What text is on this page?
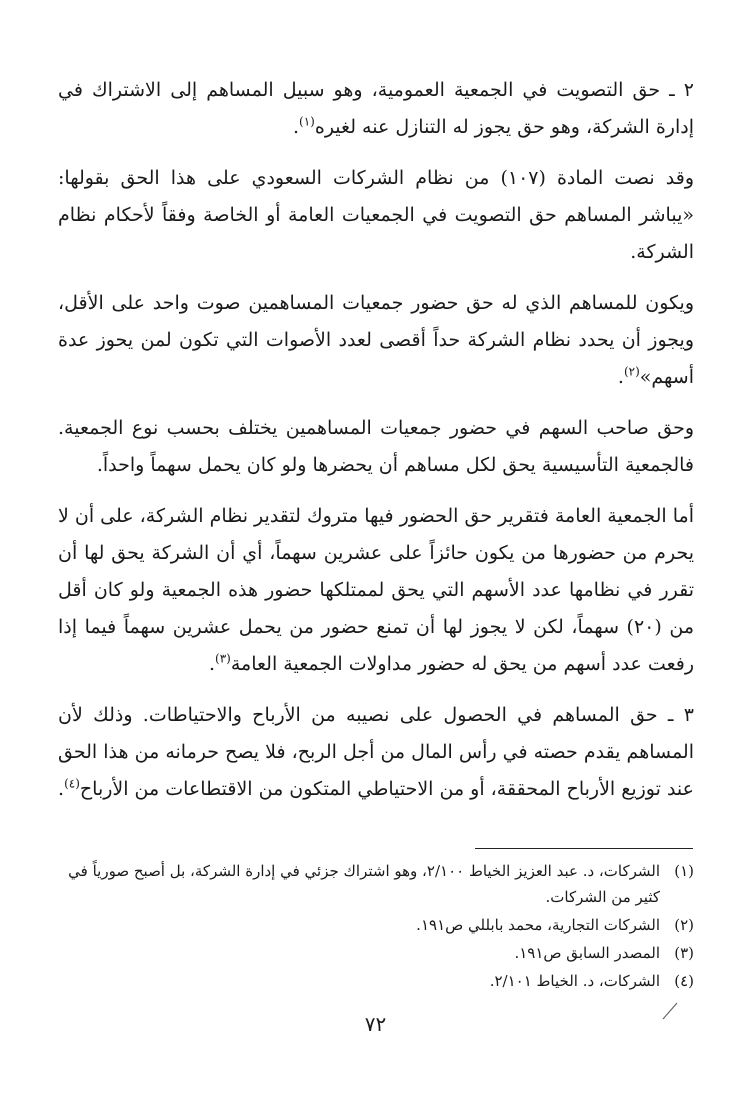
٢ ـ حق التصويت في الجمعية العمومية، وهو سبيل المساهم إلى الاشتراك في إدارة الشركة، وهو حق يجوز له التنازل عنه لغيره$^{(١)}$.

وقد نصت المادة (١٠٧) من نظام الشركات السعودي على هذا الحق بقولها: «يباشر المساهم حق التصويت في الجمعيات العامة أو الخاصة وفقاً لأحكام نظام الشركة.

ويكون للمساهم الذي له حق حضور جمعيات المساهمين صوت واحد على الأقل، ويجوز أن يحدد نظام الشركة حداً أقصى لعدد الأصوات التي تكون لمن يحوز عدة أسهم»$^{(٢)}$.

وحق صاحب السهم في حضور جمعيات المساهمين يختلف بحسب نوع الجمعية. فالجمعية التأسيسية يحق لكل مساهم أن يحضرها ولو كان يحمل سهماً واحداً.

أما الجمعية العامة فتقرير حق الحضور فيها متروك لتقدير نظام الشركة، على أن لا يحرم من حضورها من يكون حائزاً على عشرين سهماً، أي أن الشركة يحق لها أن تقرر في نظامها عدد الأسهم التي يحق لممتلكها حضور هذه الجمعية ولو كان أقل من (٢٠) سهماً، لكن لا يجوز لها أن تمنع حضور من يحمل عشرين سهماً فيما إذا رفعت عدد أسهم من يحق له حضور مداولات الجمعية العامة$^{(٣)}$.

٣ ـ حق المساهم في الحصول على نصيبه من الأرباح والاحتياطات. وذلك لأن المساهم يقدم حصته في رأس المال من أجل الربح، فلا يصح حرمانه من هذا الحق عند توزيع الأرباح المحققة، أو من الاحتياطي المتكون من الاقتطاعات من الأرباح$^{(٤)}$.

(١)
الشركات، د. عبد العزيز الخياط ٢/١٠٠، وهو اشتراك جزئي في إدارة الشركة، بل أصبح صورياً في كثير من الشركات.
(٢)
الشركات التجارية، محمد بابللي ص١٩١.
(٣)
المصدر السابق ص١٩١.
(٤)
الشركات، د. الخياط ٢/١٠١.
٧٢
